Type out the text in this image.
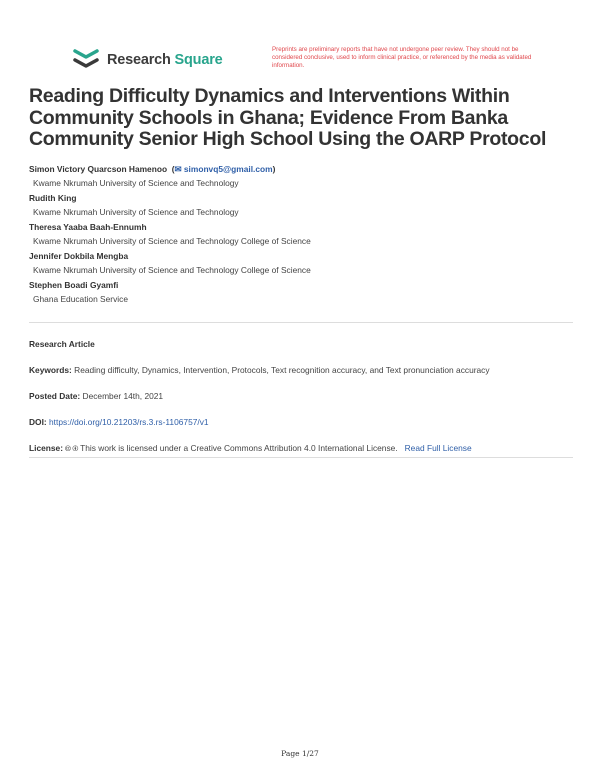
Research Square
Preprints are preliminary reports that have not undergone peer review. They should not be considered conclusive, used to inform clinical practice, or referenced by the media as validated information.
Reading Difficulty Dynamics and Interventions Within Community Schools in Ghana; Evidence From Banka Community Senior High School Using the OARP Protocol
Simon Victory Quarcson Hamenoo  (✉ simonvq5@gmail.com)
Kwame Nkrumah University of Science and Technology
Rudith King
Kwame Nkrumah University of Science and Technology
Theresa Yaaba Baah-Ennumh
Kwame Nkrumah University of Science and Technology College of Science
Jennifer Dokbila Mengba
Kwame Nkrumah University of Science and Technology College of Science
Stephen Boadi Gyamfi
Ghana Education Service
Research Article
Keywords: Reading difficulty, Dynamics, Intervention, Protocols, Text recognition accuracy, and Text pronunciation accuracy
Posted Date: December 14th, 2021
DOI: https://doi.org/10.21203/rs.3.rs-1106757/v1
License: 🅭 🅯 This work is licensed under a Creative Commons Attribution 4.0 International License. Read Full License
Page 1/27
